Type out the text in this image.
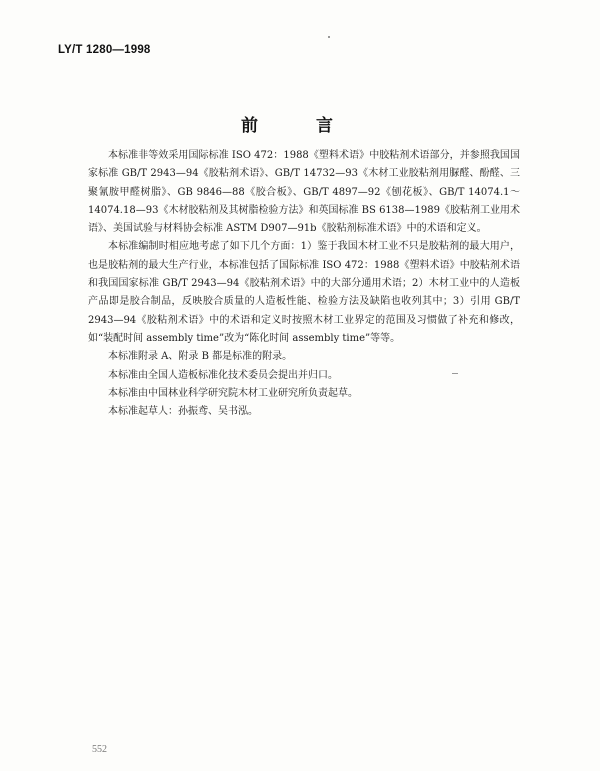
LY/T 1280—1998
前 言

本标准非等效采用国际标准 ISO 472：1988《塑料术语》中胶粘剂术语部分，并参照我国国家标准 GB/T 2943—94《胶粘剂术语》、GB/T 14732—93《木材工业胶粘剂用脲醛、酚醛、三聚氰胺甲醛树脂》、GB 9846—88《胶合板》、GB/T 4897—92《刨花板》、GB/T 14074.1～14074.18—93《木材胶粘剂及其树脂检验方法》和英国标准 BS 6138—1989《胶粘剂工业用术语》、美国试验与材料协会标准 ASTM D907—91b《胶粘剂标准术语》中的术语和定义。

本标准编制时相应地考虑了如下几个方面：1）鉴于我国木材工业不只是胶粘剂的最大用户，也是胶粘剂的最大生产行业，本标准包括了国际标准 ISO 472：1988《塑料术语》中胶粘剂术语和我国国家标准 GB/T 2943—94《胶粘剂术语》中的大部分通用术语；2）木材工业中的人造板产品即是胶合制品，反映胶合质量的人造板性能、检验方法及缺陷也收列其中；3）引用 GB/T 2943—94《胶粘剂术语》中的术语和定义时按照木材工业界定的范围及习惯做了补充和修改，如“装配时间 assembly time”改为“陈化时间 assembly time”等等。

本标准附录 A、附录 B 都是标准的附录。

本标准由全国人造板标准化技术委员会提出并归口。

本标准由中国林业科学研究院木材工业研究所负责起草。

本标准起草人：孙振鸢、吴书泓。

552
